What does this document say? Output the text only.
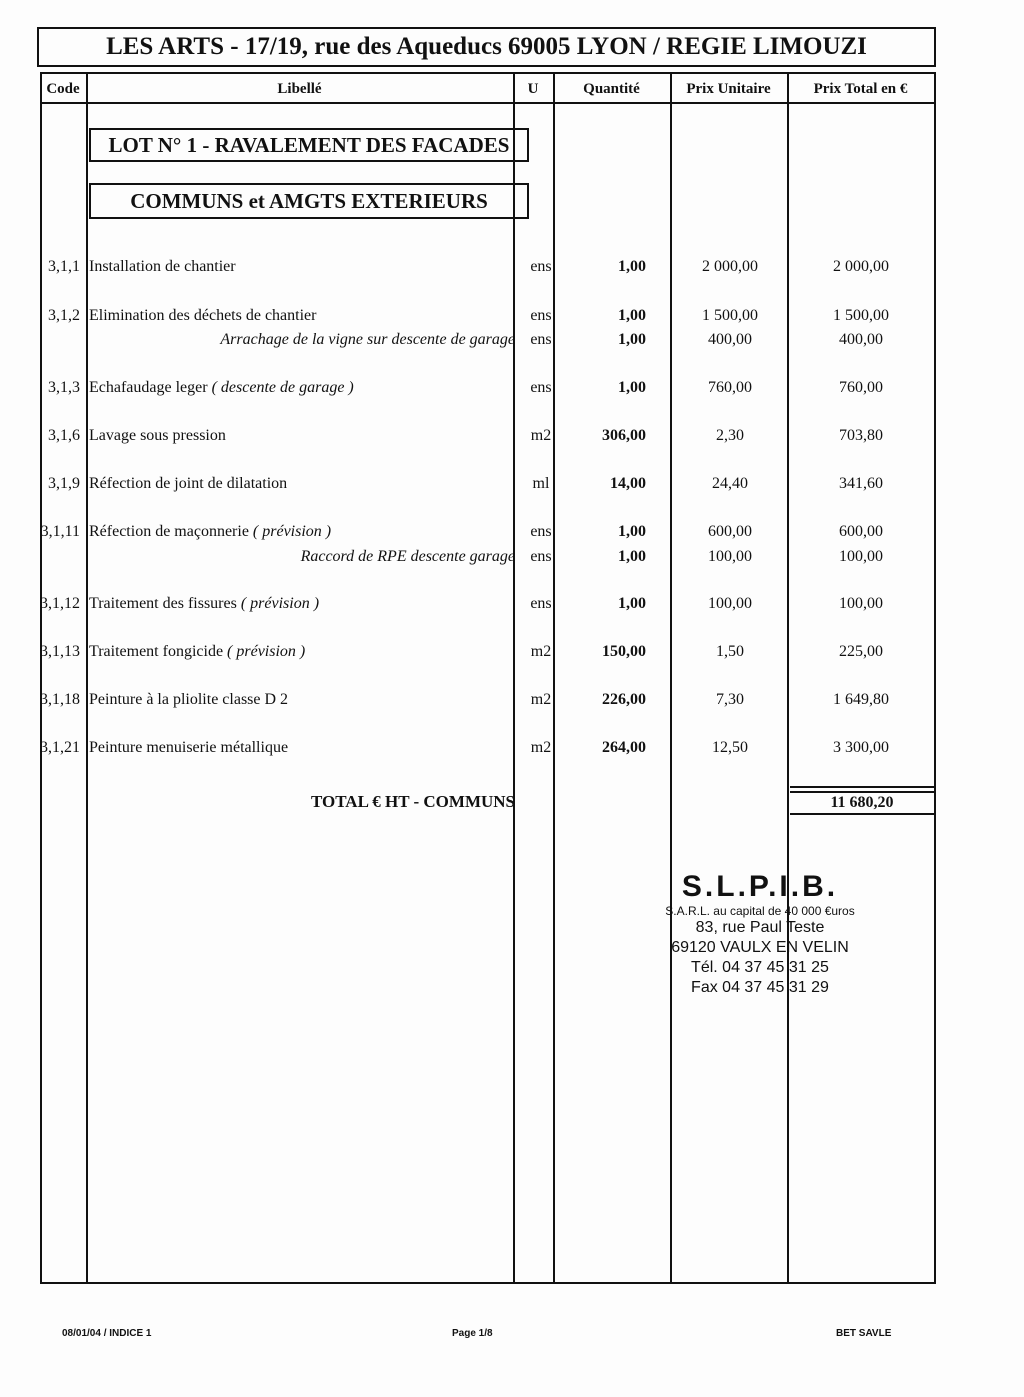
LES ARTS - 17/19, rue des Aqueducs 69005 LYON / REGIE LIMOUZI
Code	Libellé	U	Quantité	Prix Unitaire	Prix Total en €
LOT N° 1 - RAVALEMENT DES FACADES
COMMUNS et AMGTS EXTERIEURS
3,1,1 Installation de chantier	ens	1,00	2 000,00	2 000,00
3,1,2 Elimination des déchets de chantier	ens	1,00	1 500,00	1 500,00
Arrachage de la vigne sur descente de garage ens	1,00	400,00	400,00
3,1,3 Echafaudage leger ( descente de garage )	ens	1,00	760,00	760,00
3,1,6 Lavage sous pression	m2	306,00	2,30	703,80
3,1,9 Réfection de joint de dilatation	ml	14,00	24,40	341,60
3,1,11 Réfection de maçonnerie ( prévision )	ens	1,00	600,00	600,00
Raccord de RPE descente garage ens	1,00	100,00	100,00
3,1,12 Traitement des fissures ( prévision )	ens	1,00	100,00	100,00
3,1,13 Traitement fongicide ( prévision )	m2	150,00	1,50	225,00
3,1,18 Peinture à la pliolite classe D 2	m2	226,00	7,30	1 649,80
3,1,21 Peinture menuiserie métallique	m2	264,00	12,50	3 300,00
TOTAL € HT - COMMUNS	11 680,20
S.L.P.I.B.
S.A.R.L. au capital de 40 000 €uros
83, rue Paul Teste
69120 VAULX EN VELIN
Tél. 04 37 45 31 25
Fax 04 37 45 31 29
08/01/04 / INDICE 1	Page 1/8	BET SAVLE
